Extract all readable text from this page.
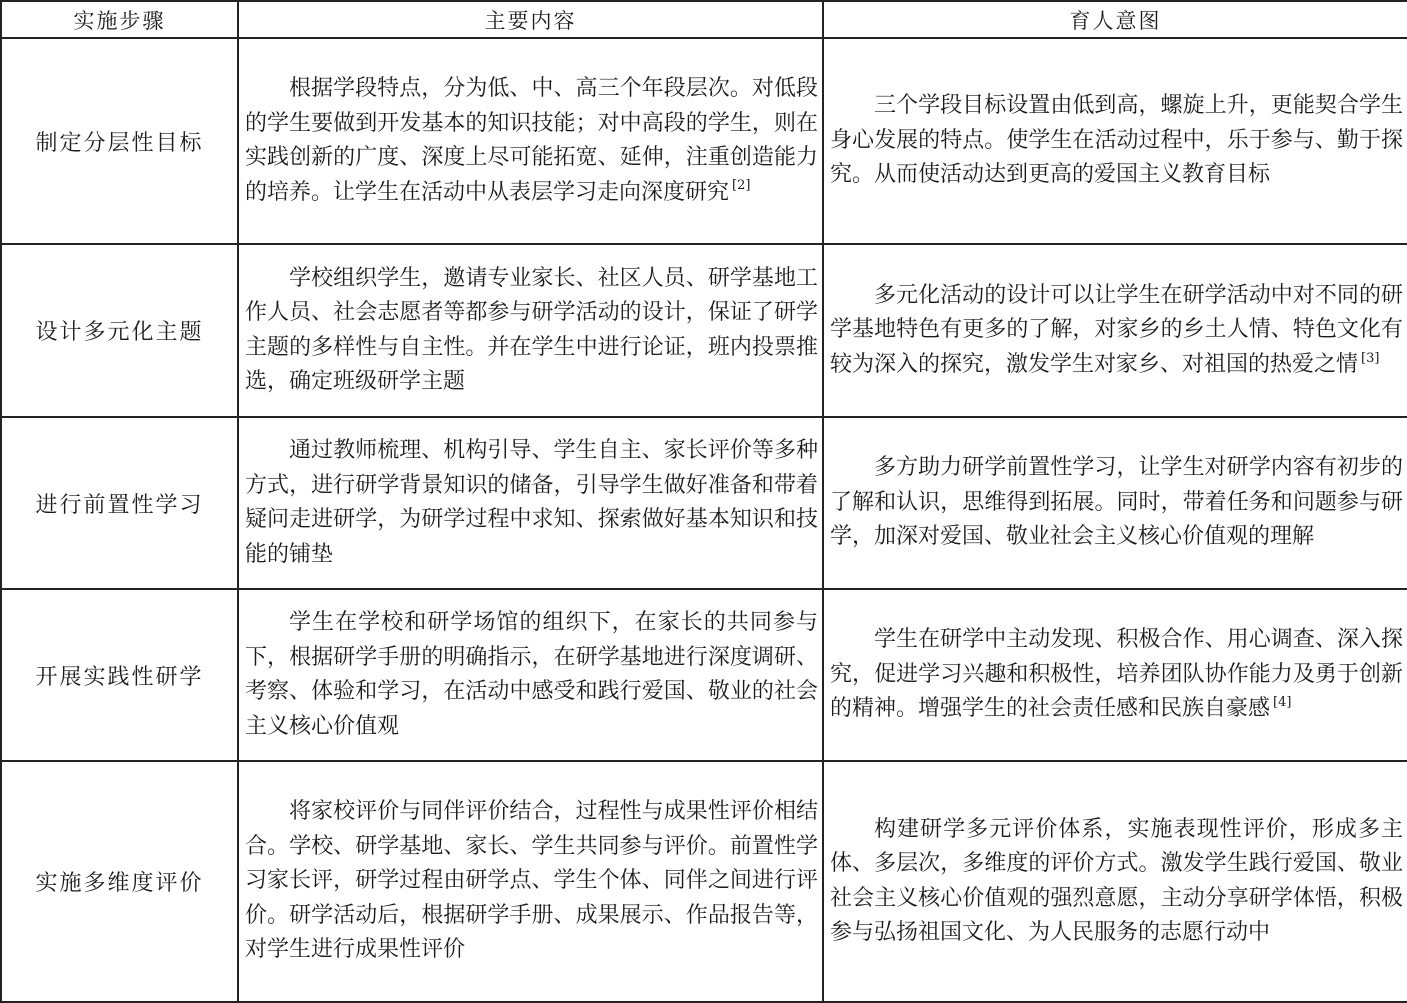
实施步骤	主要内容	育人意图
制定分层性目标	根据学段特点，分为低、中、高三个年段层次。对低段的学生要做到开发基本的知识技能；对中高段的学生，则在实践创新的广度、深度上尽可能拓宽、延伸，注重创造能力的培养。让学生在活动中从表层学习走向深度研究 [2]	三个学段目标设置由低到高，螺旋上升，更能契合学生身心发展的特点。使学生在活动过程中，乐于参与、勤于探究。从而使活动达到更高的爱国主义教育目标

设计多元化主题	学校组织学生，邀请专业家长、社区人员、研学基地工作人员、社会志愿者等都参与研学活动的设计，保证了研学主题的多样性与自主性。并在学生中进行论证，班内投票推选，确定班级研学主题	多元化活动的设计可以让学生在研学活动中对不同的研学基地特色有更多的了解，对家乡的乡土人情、特色文化有较为深入的探究，激发学生对家乡、对祖国的热爱之情 [3]

进行前置性学习	通过教师梳理、机构引导、学生自主、家长评价等多种方式，进行研学背景知识的储备，引导学生做好准备和带着疑问走进研学，为研学过程中求知、探索做好基本知识和技能的铺垫	多方助力研学前置性学习，让学生对研学内容有初步的了解和认识，思维得到拓展。同时，带着任务和问题参与研学，加深对爱国、敬业社会主义核心价值观的理解

开展实践性研学	学生在学校和研学场馆的组织下，在家长的共同参与下，根据研学手册的明确指示，在研学基地进行深度调研、考察、体验和学习，在活动中感受和践行爱国、敬业的社会主义核心价值观	学生在研学中主动发现、积极合作、用心调查、深入探究，促进学习兴趣和积极性，培养团队协作能力及勇于创新的精神。增强学生的社会责任感和民族自豪感 [4]

实施多维度评价	将家校评价与同伴评价结合，过程性与成果性评价相结合。学校、研学基地、家长、学生共同参与评价。前置性学习家长评，研学过程由研学点、学生个体、同伴之间进行评价。研学活动后，根据研学手册、成果展示、作品报告等，对学生进行成果性评价	构建研学多元评价体系，实施表现性评价，形成多主体、多层次，多维度的评价方式。激发学生践行爱国、敬业社会主义核心价值观的强烈意愿，主动分享研学体悟，积极参与弘扬祖国文化、为人民服务的志愿行动中
